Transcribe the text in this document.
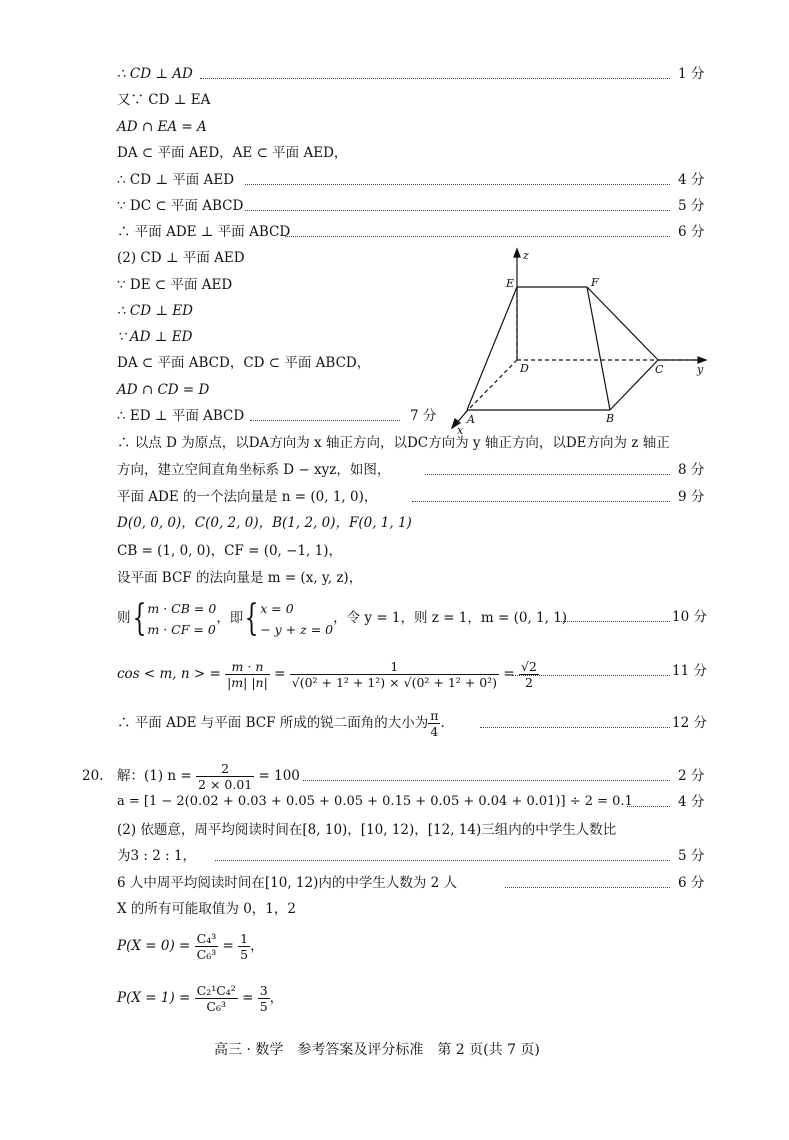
∴ CD ⊥ AD	1 分
又∵ CD ⊥ EA
AD ∩ EA = A
DA ⊂ 平面 AED，AE ⊂ 平面 AED，
∴ CD ⊥ 平面 AED	4 分
∵ DC ⊂ 平面 ABCD	5 分
∴ 平面 ADE ⊥ 平面 ABCD	6 分
(2) CD ⊥ 平面 AED
∵ DE ⊂ 平面 AED
∴ CD ⊥ ED
∵ AD ⊥ ED
DA ⊂ 平面 ABCD，CD ⊂ 平面 ABCD，
AD ∩ CD = D
∴ ED ⊥ 平面 ABCD	7 分
z
E	F
D	C	y
A	B
x
∴ 以点 D 为原点，以DA方向为 x 轴正方向，以DC方向为 y 轴正方向，以DE方向为 z 轴正
方向，建立空间直角坐标系 D − xyz，如图，	8 分
平面 ADE 的一个法向量是 n = (0, 1, 0)，	9 分
D(0, 0, 0)，C(0, 2, 0)，B(1, 2, 0)，F(0, 1, 1)
CB = (1, 0, 0)，CF = (0, −1, 1)，
设平面 BCF 的法向量是 m = (x, y, z)，
则{ m · CB = 0
m · CF = 0
，即{ x = 0
− y + z = 0
，令 y = 1，则 z = 1，m = (0, 1, 1)	10 分
cos < m, n > = $\frac{m \cdot n}{|m| |n|} = \frac{1}{\text{√(0² + 1² + 1²) × √(0² + 1² + 0²)}} = \frac{√2}{2}$	11 分
∴ 平面 ADE 与平面 BCF 所成的锐二面角的大小为 $\frac{\pi}{4}$ .	12 分
20. 解：(1) $n = \frac{2}{2 \times 0.01} = 100$	2 分
a = [1 − 2(0.02 + 0.03 + 0.05 + 0.05 + 0.15 + 0.05 + 0.04 + 0.01)] ÷ 2 = 0.1	4 分
(2) 依题意，周平均阅读时间在[8, 10)，[10, 12)，[12, 14)三组内的中学生人数比
为3 : 2 : 1，	5 分
6 人中周平均阅读时间在[10, 12)内的中学生人数为 2 人	6 分
X 的所有可能取值为 0，1，2
$P(X = 0) = \frac{\text{C₄³}}{\text{C₆³}} = \frac{1}{5}$ ，
$P(X = 1) = \frac{\text{C₂¹C₄²}}{\text{C₆³}} = \frac{3}{5}$ ，
高三 · 数学　参考答案及评分标准　第 2 页(共 7 页)
